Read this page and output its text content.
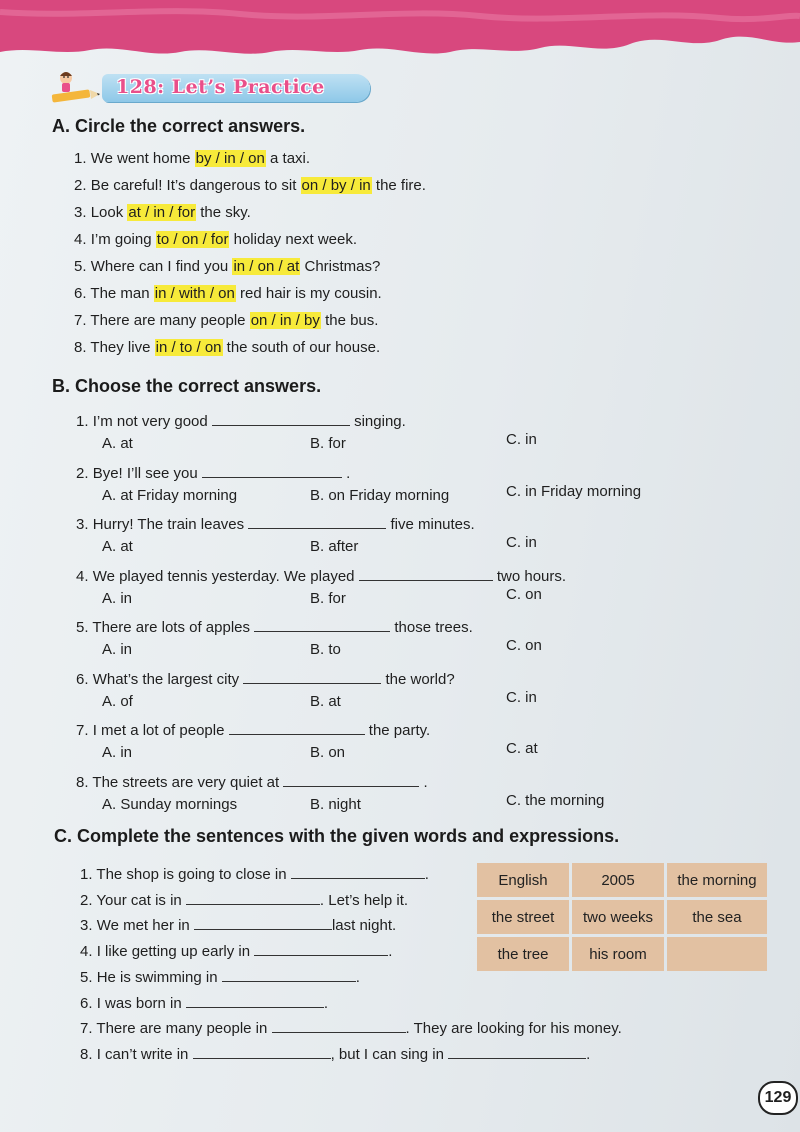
128: Let’s Practice
A. Circle the correct answers.
1. We went home by / in / on a taxi.
2. Be careful! It’s dangerous to sit on / by / in the fire.
3. Look at / in / for the sky.
4. I’m going to / on / for holiday next week.
5. Where can I find you in / on / at Christmas?
6. The man in / with / on red hair is my cousin.
7. There are many people on / in / by the bus.
8. They live in / to / on the south of our house.
B. Choose the correct answers.
1. I’m not very good	singing.
A. at	B. for	C. in
2. Bye! I’ll see you	.
A. at Friday morning	B. on Friday morning	C. in Friday morning
3. Hurry! The train leaves	five minutes.
A. at	B. after	C. in
4. We played tennis yesterday. We played	two hours.
A. in	B. for	C. on
5. There are lots of apples	those trees.
A. in	B. to	C. on
6. What’s the largest city	the world?
A. of	B. at	C. in
7. I met a lot of people	the party.
A. in	B. on	C. at
8. The streets are very quiet at	.
A. Sunday mornings	B. night	C. the morning
C. Complete the sentences with the given words and expressions.
1. The shop is going to close in	.
2. Your cat is in	. Let’s help it.
3. We met her in	last night.
4. I like getting up early in	.
5. He is swimming in	.
6. I was born in	.
7. There are many people in	. They are looking for his money.
8. I can’t write in	, but I can sing in	.
English	2005	the morning
the street	two weeks	the sea
the tree	his room	
129
